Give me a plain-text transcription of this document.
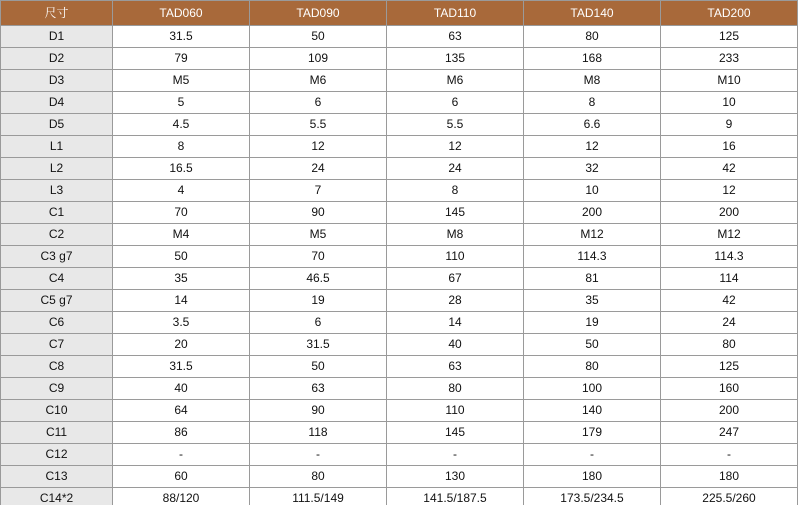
尺寸	TAD060	TAD090	TAD110	TAD140	TAD200
D1	31.5	50	63	80	125
D2	79	109	135	168	233
D3	M5	M6	M6	M8	M10
D4	5	6	6	8	10
D5	4.5	5.5	5.5	6.6	9
L1	8	12	12	12	16
L2	16.5	24	24	32	42
L3	4	7	8	10	12
C1	70	90	145	200	200
C2	M4	M5	M8	M12	M12
C3 g7	50	70	110	114.3	114.3
C4	35	46.5	67	81	114
C5 g7	14	19	28	35	42
C6	3.5	6	14	19	24
C7	20	31.5	40	50	80
C8	31.5	50	63	80	125
C9	40	63	80	100	160
C10	64	90	110	140	200
C11	86	118	145	179	247
C12	-	-	-	-	-
C13	60	80	130	180	180
C14*2	88/120	111.5/149	141.5/187.5	173.5/234.5	225.5/260
